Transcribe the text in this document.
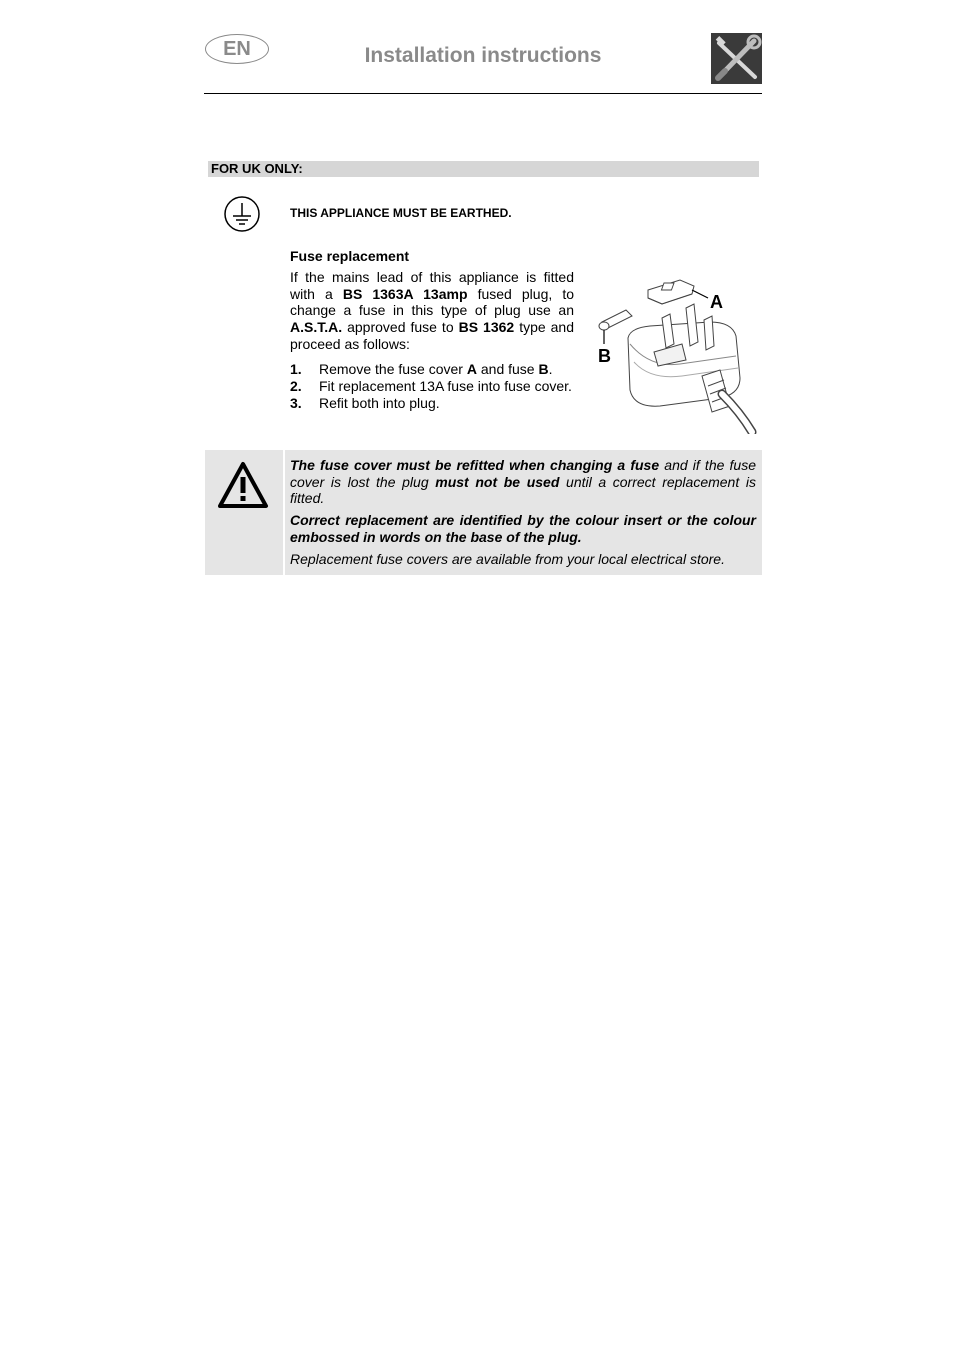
EN	Installation instructions
FOR UK ONLY:
THIS APPLIANCE MUST BE EARTHED.
Fuse replacement
If the mains lead of this appliance is fitted with a BS 1363A 13amp fused plug, to change a fuse in this type of plug use an A.S.T.A. approved fuse to BS 1362 type and proceed as follows:
1. Remove the fuse cover A and fuse B.
2. Fit replacement 13A fuse into fuse cover.
3. Refit both into plug.
A
B

The fuse cover must be refitted when changing a fuse and if the fuse cover is lost the plug must not be used until a correct replacement is fitted.

Correct replacement are identified by the colour insert or the colour embossed in words on the base of the plug.

Replacement fuse covers are available from your local electrical store.
